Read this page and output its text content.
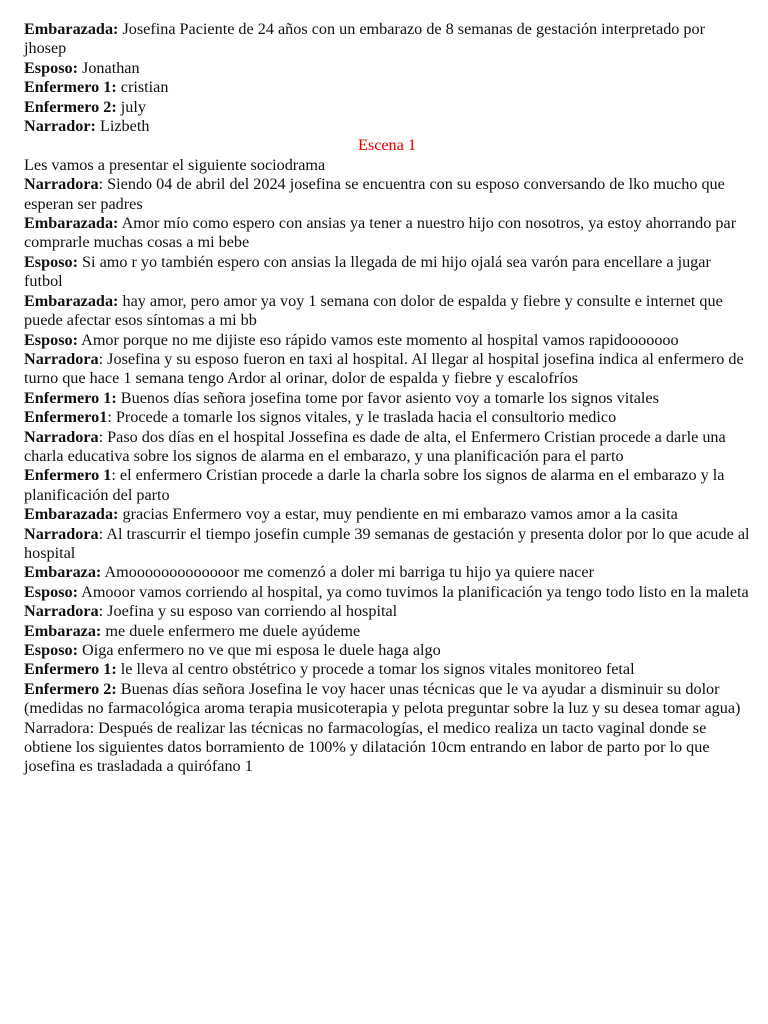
Embarazada: Josefina Paciente de 24 años con un embarazo de 8 semanas de gestación interpretado por jhosep

Esposo: Jonathan

Enfermero 1: cristian

Enfermero 2: july

Narrador: Lizbeth

Escena 1

Les vamos a presentar el siguiente sociodrama

Narradora: Siendo 04 de abril del 2024 josefina se encuentra con su esposo conversando de lko mucho que esperan ser padres

Embarazada: Amor mío como espero con ansias ya tener a nuestro hijo con nosotros, ya estoy ahorrando par comprarle muchas cosas a mi bebe

Esposo: Si amo r yo también espero con ansias la llegada de mi hijo ojalá sea varón para encellare a jugar futbol

Embarazada: hay amor, pero amor ya voy 1 semana con dolor de espalda y fiebre y consulte e internet que puede afectar esos síntomas a mi bb

Esposo: Amor porque no me dijiste eso rápido vamos este momento al hospital vamos rapidooooooo

Narradora: Josefina y su esposo fueron en taxi al hospital. Al llegar al hospital josefina indica al enfermero de turno que hace 1 semana tengo Ardor al orinar, dolor de espalda y fiebre y escalofríos

Enfermero 1: Buenos días señora josefina tome por favor asiento voy a tomarle los signos vitales

Enfermero1: Procede a tomarle los signos vitales, y le traslada hacia el consultorio medico

Narradora: Paso dos días en el hospital Jossefina es dade de alta, el Enfermero Cristian procede a darle una charla educativa sobre los signos de alarma en el embarazo, y una planificación para el parto

Enfermero 1: el enfermero Cristian procede a darle la charla sobre los signos de alarma en el embarazo y la planificación del parto

Embarazada: gracias Enfermero voy a estar, muy pendiente en mi embarazo vamos amor a la casita

Narradora: Al trascurrir el tiempo josefin cumple 39 semanas de gestación y presenta dolor por lo que acude al hospital

Embaraza: Amooooooooooooor me comenzó a doler mi barriga tu hijo ya quiere nacer

Esposo: Amooor vamos corriendo al hospital, ya como tuvimos la planificación ya tengo todo listo en la maleta

Narradora: Joefina y su esposo van corriendo al hospital

Embaraza: me duele enfermero me duele ayúdeme

Esposo: Oiga enfermero no ve que mi esposa le duele haga algo

Enfermero 1: le lleva al centro obstétrico y procede a tomar los signos vitales monitoreo fetal

Enfermero 2: Buenas días señora Josefina le voy hacer unas técnicas que le va ayudar a disminuir su dolor (medidas no farmacológica aroma terapia musicoterapia y pelota preguntar sobre la luz y su desea tomar agua)

Narradora: Después de realizar las técnicas no farmacologías, el medico realiza un tacto vaginal donde se obtiene los siguientes datos borramiento de 100% y dilatación 10cm entrando en labor de parto por lo que josefina es trasladada a quirófano 1
